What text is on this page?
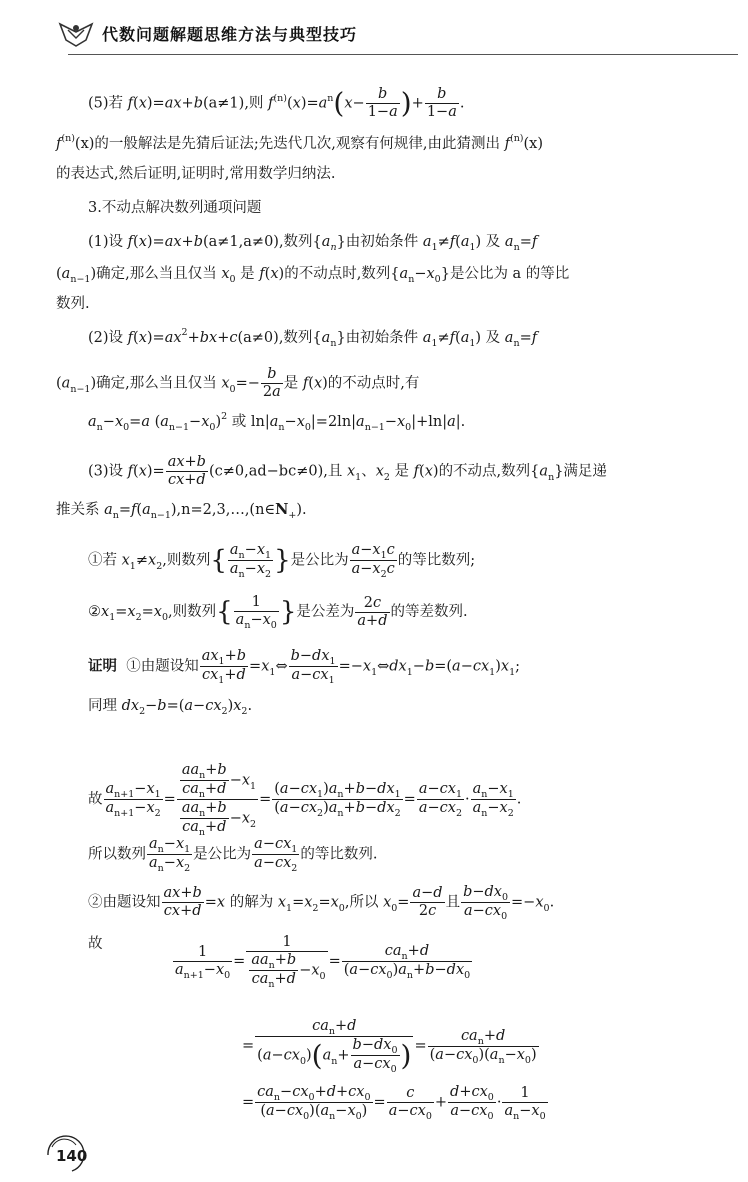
代数问题解题思维方法与典型技巧
(5)若 f(x)=ax+b(a≠1),则 $f^{(n)}(x)=a^n(x- \frac{b}{1-a}$ )+ $\frac{b}{1-a}$ .
$f^{(n)}(x)$的一般解法是先猜后证法;先迭代几次,观察有何规律,由此猜测出 $f^{(n)}(x)$
的表达式,然后证明,证明时,常用数学归纳法.
3.不动点解决数列通项问题
(1)设 f(x)=ax+b(a≠1,a≠0),数列$\{a_n\}$由初始条件 $a_1\ne f(a_1)$ 及 $a_n=f$
$(a_{n-1})$确定,那么当且仅当 $x_0$ 是 f(x)的不动点时,数列$\{a_n-x_0\}$是公比为 a 的等比
数列.
(2)设 $f(x)=ax^2+bx+c(a\ne 0)$,数列$\{a_n\}$由初始条件 $a_1\ne f(a_1)$ 及 $a_n=f$
$(a_{n-1})$确定,那么当且仅当 $x_0=- \frac{b}{2a}$ 是 f(x)的不动点时,有
$a_n-x_0=a$ $(a_{n-1}-x_0)^2$ 或 $\ln|a_n-x_0|=2\ln|a_{n-1}-x_0|+\ln|a|$.
(3)设 $f(x)= \frac{ax+b}{cx+d} (c\ne 0,ad-bc\ne 0)$,且 $x_1$、$x_2$ 是 f(x)的不动点,数列$\{a_n\}$满足递
推关系 $a_n=f(a_{n-1}),n=2,3,\dots,(n\in N_+)$.
①若 $x_1\ne x_2$,则数列{ $\frac{a_n-x_1}{a_n-x_2}$ }是公比为 $\frac{a-x_1c}{a-x_2c}$ 的等比数列;
$②x_1=x_2=x_0$,则数列{ $\frac{1}{a_n-x_0}$ }是公差为 $\frac{2c}{a+d}$ 的等差数列.
证明 ①由题设知 $\frac{ax_1+b}{cx_1+d}$ $=x_1\Leftrightarrow \frac{b-dx_1}{a-cx_1}$ $=-x_1\Leftrightarrow dx_1-b=(a-cx_1)x_1$;
同理 $dx_2-b=(a-cx_2)x_2$.
故 $\frac{a_{n+1}-x_1}{a_{n+1}-x_2} = \frac{\frac{aa_n+b}{ca_n+d} -x_1}{\frac{aa_n+b}{ca_n+d} -x_2} = \frac{(a-cx_1)a_n+b-dx_1}{(a-cx_2)a_n+b-dx_2} = \frac{a-cx_1}{a-cx_2} \cdot \frac{a_n-x_1}{a_n-x_2}$ .
所以数列 $\frac{a_n-x_1}{a_n-x_2}$ 是公比为 $\frac{a-cx_1}{a-cx_2}$ 的等比数列.
②由题设知 $\frac{ax+b}{cx+d} =x$ 的解为 $x_1=x_2=x_0$,所以 $x_0= \frac{a-d}{2c}$ 且 $\frac{b-dx_0}{a-cx_0} =-x_0$.
故	$\frac{1}{a_{n+1}-x_0} = \frac{1}{\frac{aa_n+b}{ca_n+d} -x_0} = \frac{ca_n+d}{(a-cx_0)a_n+b-dx_0}$
= $\frac{ca_n+d}{(a-cx_0)(a_n+ \frac{b-dx_0}{a-cx_0} )} = \frac{ca_n+d}{(a-cx_0)(a_n-x_0)}$
= $\frac{ca_n-cx_0+d+cx_0}{(a-cx_0)(a_n-x_0)} = \frac{c}{a-cx_0} + \frac{d+cx_0}{a-cx_0} \cdot \frac{1}{a_n-x_0}$
140
